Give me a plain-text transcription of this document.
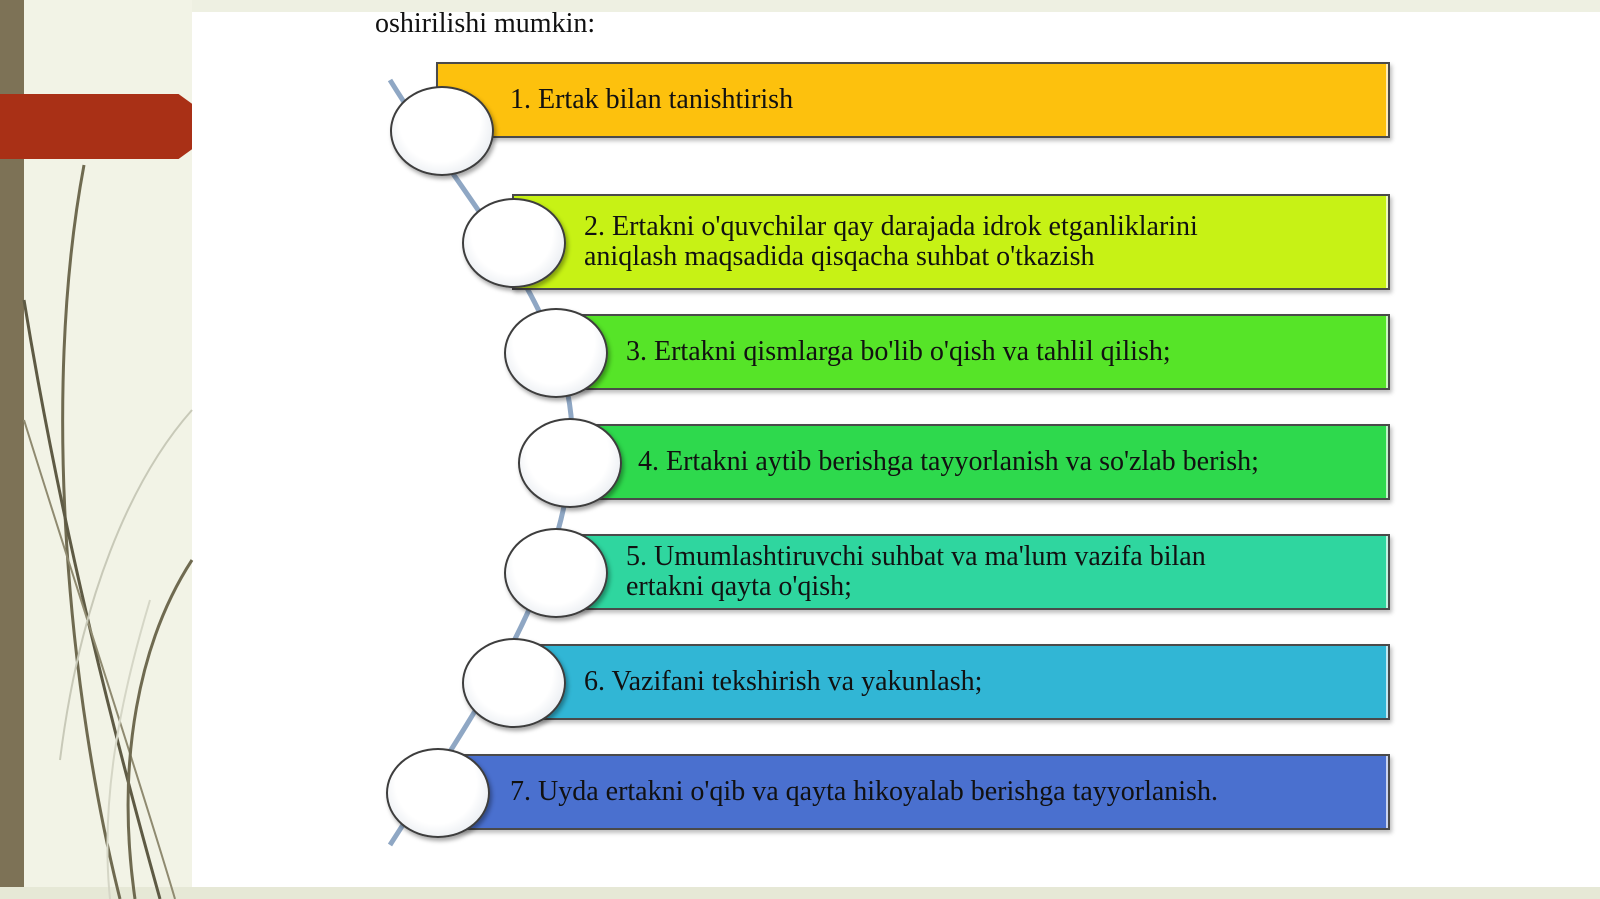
oshirilishi mumkin:
1. Ertak bilan tanishtirish
2. Ertakni o'quvchilar qay darajada idrok etganliklarini
aniqlash maqsadida qisqacha suhbat o'tkazish
3. Ertakni qismlarga bo'lib o'qish va tahlil qilish;
4. Ertakni aytib berishga tayyorlanish va so'zlab berish;
5. Umumlashtiruvchi suhbat va ma'lum vazifa bilan
ertakni qayta o'qish;
6. Vazifani tekshirish va yakunlash;
7. Uyda ertakni o'qib va qayta hikoyalab berishga tayyorlanish.
